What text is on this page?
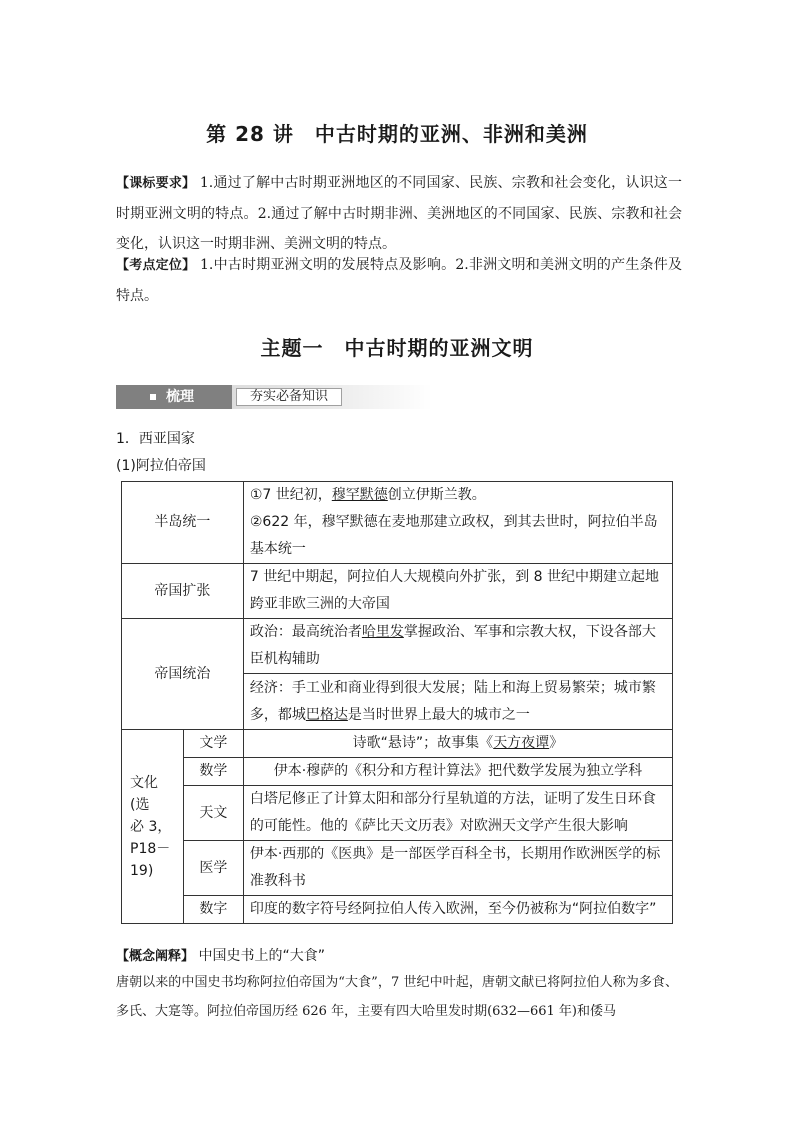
第 28 讲　中古时期的亚洲、非洲和美洲
【课标要求】 1.通过了解中古时期亚洲地区的不同国家、民族、宗教和社会变化，认识这一时期亚洲文明的特点。2.通过了解中古时期非洲、美洲地区的不同国家、民族、宗教和社会变化，认识这一时期非洲、美洲文明的特点。
【考点定位】 1.中古时期亚洲文明的发展特点及影响。2.非洲文明和美洲文明的产生条件及特点。
主题一　中古时期的亚洲文明
梳理	夯实必备知识
1．西亚国家
(1)阿拉伯帝国
半岛统一		①7 世纪初，穆罕默德创立伊斯兰教。
②622 年，穆罕默德在麦地那建立政权，到其去世时，阿拉伯半岛基本统一

帝国扩张		7 世纪中期起，阿拉伯人大规模向外扩张，到 8 世纪中期建立起地跨亚非欧三洲的大帝国
帝国统治		政治：最高统治者哈里发掌握政治、军事和宗教大权，下设各部大臣机构辅助
		经济：手工业和商业得到很大发展；陆上和海上贸易繁荣；城市繁多，都城巴格达是当时世界上最大的城市之一

文化(选
必 3，
P18－
19)	文学	诗歌“悬诗”；故事集《天方夜谭》
	数学	伊本·穆萨的《积分和方程计算法》把代数学发展为独立学科
	天文	白塔尼修正了计算太阳和部分行星轨道的方法，证明了发生日环食的可能性。他的《萨比天文历表》对欧洲天文学产生很大影响
	医学	伊本·西那的《医典》是一部医学百科全书，长期用作欧洲医学的标准教科书
	数字	印度的数字符号经阿拉伯人传入欧洲，至今仍被称为“阿拉伯数字”
【概念阐释】 中国史书上的“大食”
唐朝以来的中国史书均称阿拉伯帝国为“大食”，7 世纪中叶起，唐朝文献已将阿拉伯人称为多食、多氏、大寔等。阿拉伯帝国历经 626 年，主要有四大哈里发时期(632—661 年)和倭马
